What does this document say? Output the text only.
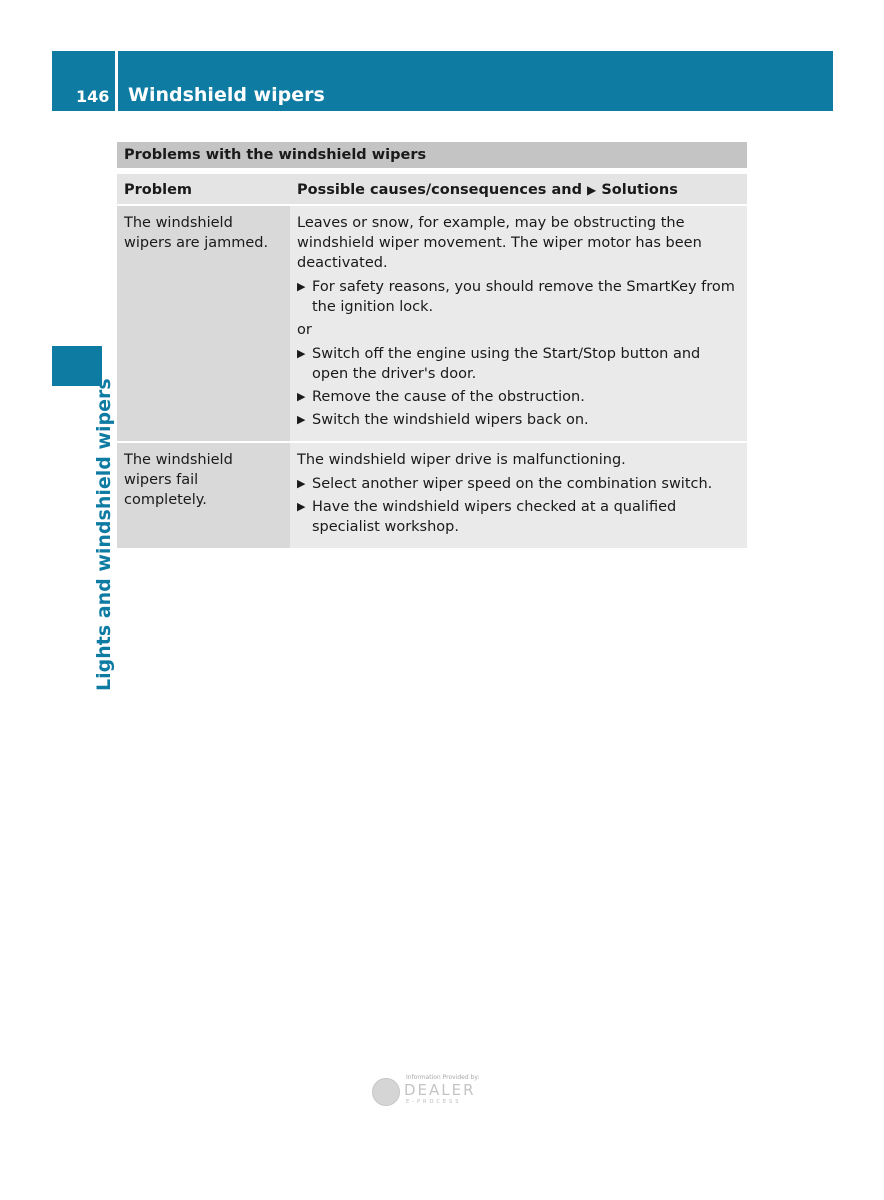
146 Windshield wipers
Lights and windshield wipers
Problems with the windshield wipers
Problem	Possible causes/consequences and ▶ Solutions
The windshield wipers are jammed.
Leaves or snow, for example, may be obstructing the windshield wiper movement. The wiper motor has been deactivated.
▶ For safety reasons, you should remove the SmartKey from the ignition lock.
or
▶ Switch off the engine using the Start/Stop button and open the driver's door.
▶ Remove the cause of the obstruction.
▶ Switch the windshield wipers back on.
The windshield wipers fail completely.
The windshield wiper drive is malfunctioning.
▶ Select another wiper speed on the combination switch.
▶ Have the windshield wipers checked at a qualified specialist workshop.
Information Provided by:
DEALER
E-PROCESS
